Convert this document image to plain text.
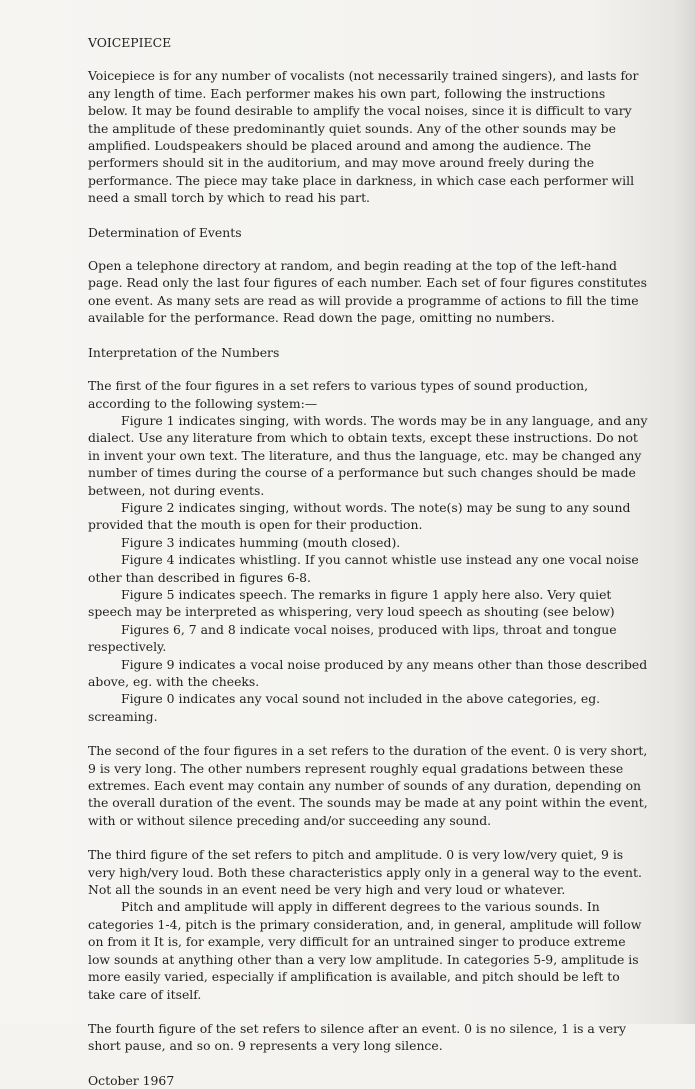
VOICEPIECE

Voicepiece is for any number of vocalists (not necessarily trained singers), and lasts for any length of time. Each performer makes his own part, following the instructions below. It may be found desirable to amplify the vocal noises, since it is difficult to vary the amplitude of these predominantly quiet sounds. Any of the other sounds may be amplified. Loudspeakers should be placed around and among the audience. The performers should sit in the auditorium, and may move around freely during the performance. The piece may take place in darkness, in which case each performer will need a small torch by which to read his part.

Determination of Events

Open a telephone directory at random, and begin reading at the top of the left-hand page. Read only the last four figures of each number. Each set of four figures constitutes one event. As many sets are read as will provide a programme of actions to fill the time available for the performance. Read down the page, omitting no numbers.

Interpretation of the Numbers

The first of the four figures in a set refers to various types of sound production, according to the following system:—

Figure 1 indicates singing, with words. The words may be in any language, and any dialect. Use any literature from which to obtain texts, except these instructions. Do not in invent your own text. The literature, and thus the language, etc. may be changed any number of times during the course of a performance but such changes should be made between, not during events.

Figure 2 indicates singing, without words. The note(s) may be sung to any sound provided that the mouth is open for their production.

Figure 3 indicates humming (mouth closed).

Figure 4 indicates whistling. If you cannot whistle use instead any one vocal noise other than described in figures 6-8.

Figure 5 indicates speech. The remarks in figure 1 apply here also. Very quiet speech may be interpreted as whispering, very loud speech as shouting (see below)

Figures 6, 7 and 8 indicate vocal noises, produced with lips, throat and tongue respectively.

Figure 9 indicates a vocal noise produced by any means other than those described above, eg. with the cheeks.

Figure 0 indicates any vocal sound not included in the above categories, eg. screaming.

The second of the four figures in a set refers to the duration of the event. 0 is very short, 9 is very long. The other numbers represent roughly equal gradations between these extremes. Each event may contain any number of sounds of any duration, depending on the overall duration of the event. The sounds may be made at any point within the event, with or without silence preceding and/or succeeding any sound.

The third figure of the set refers to pitch and amplitude. 0 is very low/very quiet, 9 is very high/very loud. Both these characteristics apply only in a general way to the event. Not all the sounds in an event need be very high and very loud or whatever.

Pitch and amplitude will apply in different degrees to the various sounds. In categories 1-4, pitch is the primary consideration, and, in general, amplitude will follow on from it It is, for example, very difficult for an untrained singer to produce extreme low sounds at anything other than a very low amplitude. In categories 5-9, amplitude is more easily varied, especially if amplification is available, and pitch should be left to take care of itself.

The fourth figure of the set refers to silence after an event. 0 is no silence, 1 is a very short pause, and so on. 9 represents a very long silence.

October 1967
